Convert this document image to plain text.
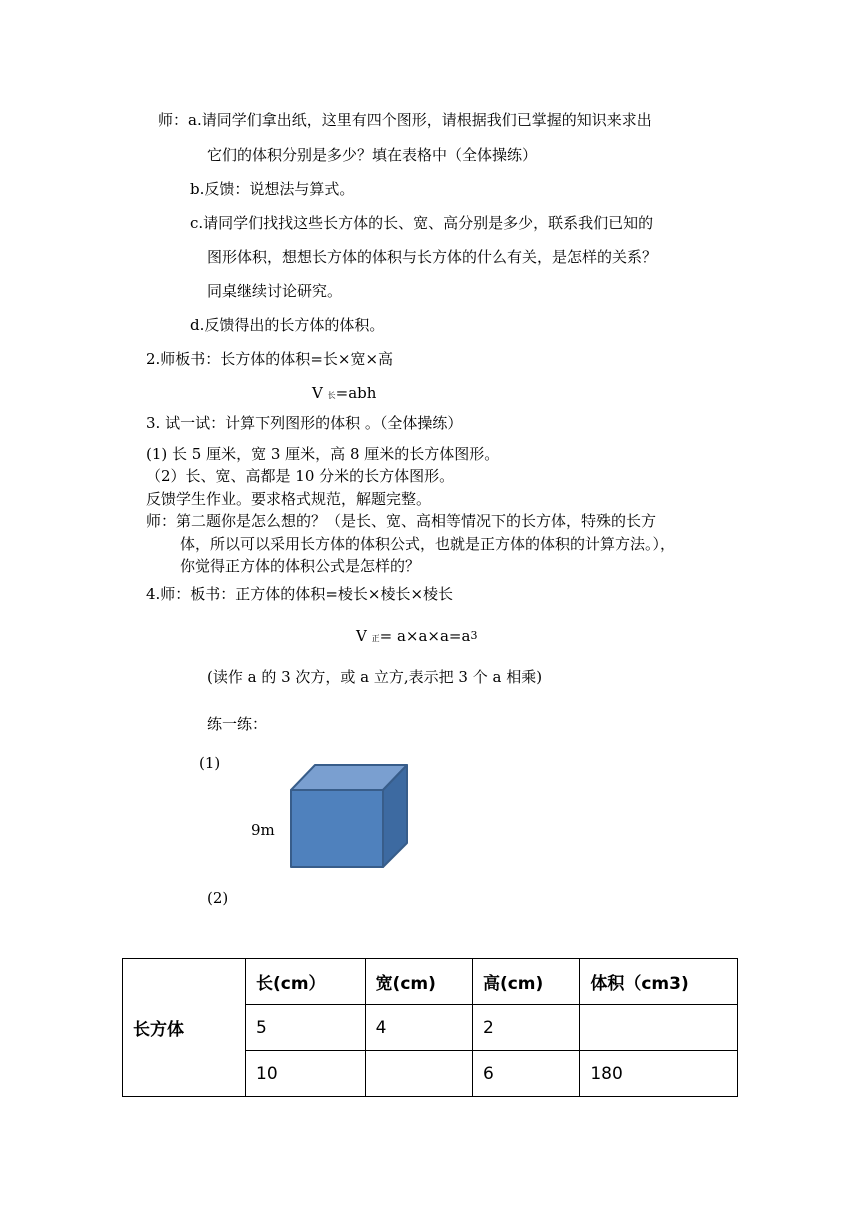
师：a.请同学们拿出纸，这里有四个图形，请根据我们已掌握的知识来求出
它们的体积分别是多少？填在表格中（全体操练）
b.反馈：说想法与算式。
c.请同学们找找这些长方体的长、宽、高分别是多少，联系我们已知的
图形体积，想想长方体的体积与长方体的什么有关，是怎样的关系？
同桌继续讨论研究。
d.反馈得出的长方体的体积。
2.师板书：长方体的体积=长×宽×高
V 长=abh
3. 试一试：计算下列图形的体积 。（全体操练）
(1) 长 5 厘米，宽 3 厘米，高 8 厘米的长方体图形。
（2）长、宽、高都是 10 分米的长方体图形。
反馈学生作业。要求格式规范，解题完整。
师：第二题你是怎么想的？（是长、宽、高相等情况下的长方体，特殊的长方
体，所以可以采用长方体的体积公式，也就是正方体的体积的计算方法。），
你觉得正方体的体积公式是怎样的？
4.师：板书：正方体的体积=棱长×棱长×棱长
V 正= $a\times a\times a=a^3$
(读作 a 的 3 次方，或 a 立方,表示把 3 个 a 相乘)
练一练：
(1)
9m
(2)
长方体	长(cm）	宽(cm)	高(cm)	体积（cm3)
	5	4	2	
	10		6	180
